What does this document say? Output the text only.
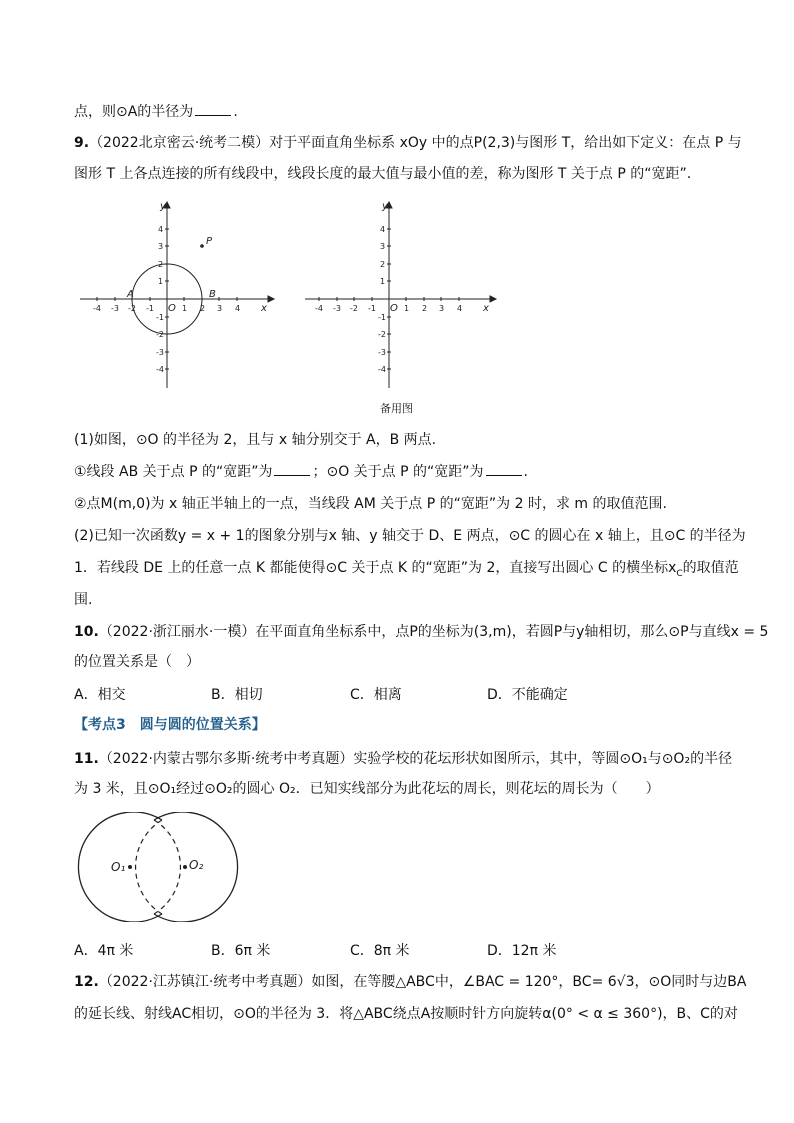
点，则⊙A的半径为	.
9.（2022北京密云·统考二模）对于平面直角坐标系 xOy 中的点P(2,3)与图形 T，给出如下定义：在点 P 与
图形 T 上各点连接的所有线段中，线段长度的最大值与最小值的差，称为图形 T 关于点 P 的“宽距”.
-4 -3 -2 -1	1 2 3 4
4
3
2
1
-1
-2
-3
-4
x
y
P
A	B
O	-4 -3 -2 -1	1 2 3 4
4
3
2
1
-1
-2
-3
-4
x
y
O
备用图
(1)如图，⊙O 的半径为 2，且与 x 轴分别交于 A，B 两点.
①线段 AB 关于点 P 的“宽距”为	；⊙O 关于点 P 的“宽距”为	.
②点M(m,0)为 x 轴正半轴上的一点，当线段 AM 关于点 P 的“宽距”为 2 时，求 m 的取值范围.
(2)已知一次函数y = x + 1的图象分别与x 轴、y 轴交于 D、E 两点，⊙C 的圆心在 x 轴上，且⊙C 的半径为
1．若线段 DE 上的任意一点 K 都能使得⊙C 关于点 K 的“宽距”为 2，直接写出圆心 C 的横坐标$x_C$的取值范
围.
10.（2022·浙江丽水·一模）在平面直角坐标系中，点P的坐标为(3,m)，若圆P与y轴相切，那么⊙P与直线x = 5
的位置关系是（　）
A．相交	B．相切	C．相离	D．不能确定
【考点3　圆与圆的位置关系】
11.（2022·内蒙古鄂尔多斯·统考中考真题）实验学校的花坛形状如图所示，其中，等圆⊙O₁与⊙O₂的半径
为 3 米，且⊙O₁经过⊙O₂的圆心 O₂．已知实线部分为此花坛的周长，则花坛的周长为（　　）
O₁	O₂
A．4π 米	B．6π 米	C．8π 米	D．12π 米
12.（2022·江苏镇江·统考中考真题）如图，在等腰△ABC中，∠BAC = 120°，BC= 6√3，⊙O同时与边BA
的延长线、射线AC相切，⊙O的半径为 3．将△ABC绕点A按顺时针方向旋转α(0° < α ≤ 360°)，B、C的对
